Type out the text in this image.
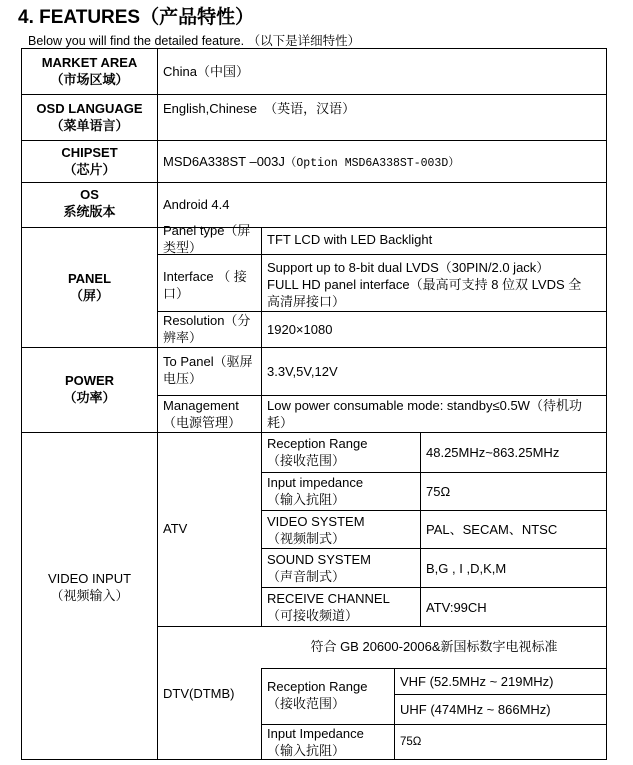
4. FEATURES（产品特性）
Below you will find the detailed feature. （以下是详细特性）
MARKET AREA
（市场区域）
China（中国）
OSD LANGUAGE
（菜单语言）
English,Chinese  （英语，汉语）
CHIPSET
（芯片）
MSD6A338ST –003J（Option MSD6A338ST-003D）
OS
系统版本	Android 4.4
PANEL
（屏）
Panel type（屏
类型）
TFT LCD with LED Backlight
Interface （ 接
口）
Support up to 8-bit dual LVDS（30PIN/2.0 jack）
FULL HD panel interface（最高可支持 8 位双 LVDS 全
高清屏接口）
Resolution（分
辨率）
1920×1080
POWER
（功率）
To Panel（驱屏
电压）	3.3V,5V,12V
Management
（电源管理）
Low power consumable mode: standby≤0.5W（待机功
耗）
VIDEO INPUT
（视频输入）
ATV
Reception Range
（接收范围）
48.25MHz~863.25MHz
Input impedance
（输入抗阻）
75Ω
VIDEO SYSTEM
（视频制式）
PAL、SECAM、NTSC
SOUND SYSTEM
（声音制式）
B,G , I ,D,K,M
RECEIVE CHANNEL
（可接收频道）
ATV:99CH
DTV(DTMB)
符合 GB 20600-2006&新国标数字电视标准
Reception Range
（接收范围）
VHF (52.5MHz ~ 219MHz)
UHF (474MHz ~ 866MHz)
Input Impedance
（输入抗阻）
75Ω
